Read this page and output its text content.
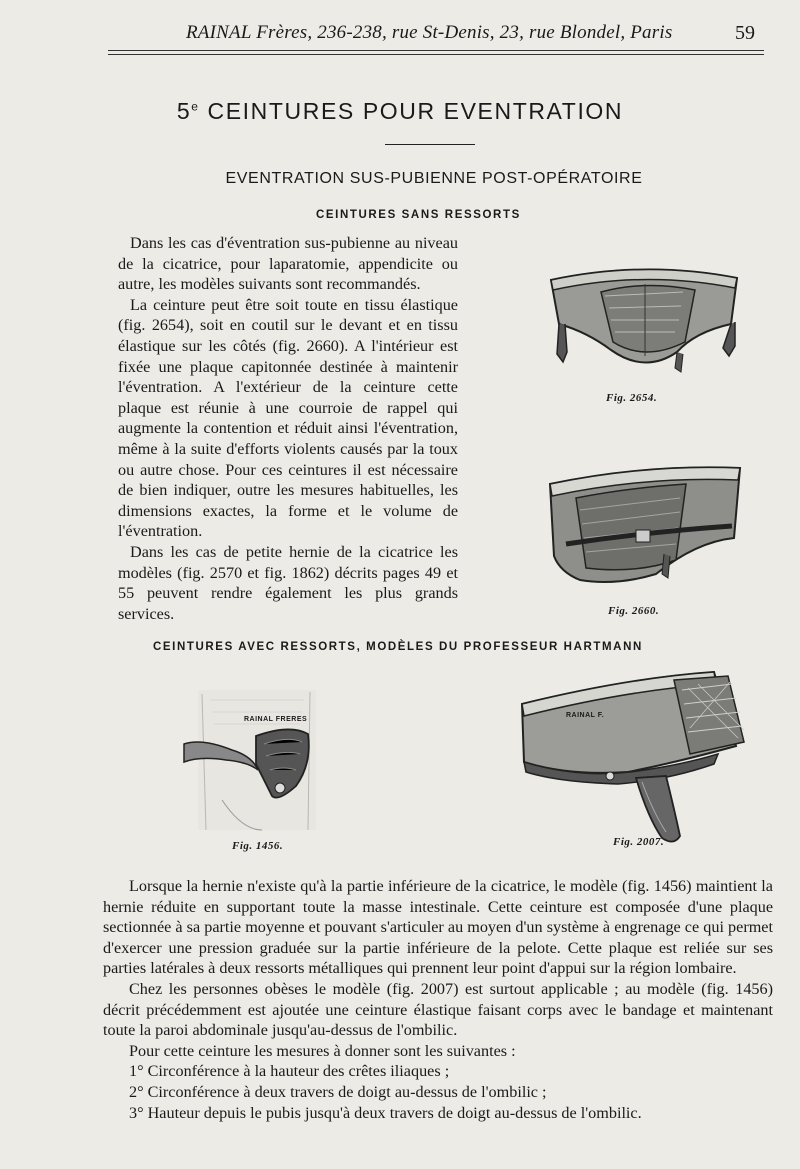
RAINAL Frères, 236-238, rue St-Denis, 23, rue Blondel, Paris	59
5e CEINTURES POUR EVENTRATION
EVENTRATION SUS-PUBIENNE POST-OPÉRATOIRE
CEINTURES SANS RESSORTS

Dans les cas d'éventration sus-pubienne au niveau de la cicatrice, pour laparatomie, appendicite ou autre, les modèles suivants sont recommandés.

La ceinture peut être soit toute en tissu élastique (fig. 2654), soit en coutil sur le devant et en tissu élastique sur les côtés (fig. 2660). A l'intérieur est fixée une plaque capitonnée destinée à maintenir l'éventration. A l'extérieur de la ceinture cette plaque est réunie à une courroie de rappel qui augmente la contention et réduit ainsi l'éventration, même à la suite d'efforts violents causés par la toux ou autre chose. Pour ces ceintures il est nécessaire de bien indiquer, outre les mesures habituelles, les dimensions exactes, la forme et le volume de l'éventration.

Dans les cas de petite hernie de la cicatrice les modèles (fig. 2570 et fig. 1862) décrits pages 49 et 55 peuvent rendre également les plus grands services.

Fig. 2654.
Fig. 2660.
CEINTURES AVEC RESSORTS, MODÈLES DU PROFESSEUR HARTMANN
RAINAL FRERES
Fig. 1456.
RAINAL F.
Fig. 2007.

Lorsque la hernie n'existe qu'à la partie inférieure de la cicatrice, le modèle (fig. 1456) maintient la hernie réduite en supportant toute la masse intestinale. Cette ceinture est composée d'une plaque sectionnée à sa partie moyenne et pouvant s'articuler au moyen d'un système à engrenage ce qui permet d'exercer une pression graduée sur la partie inférieure de la pelote. Cette plaque est reliée sur ses parties latérales à deux ressorts métalliques qui prennent leur point d'appui sur la région lombaire.

Chez les personnes obèses le modèle (fig. 2007) est surtout applicable ; au modèle (fig. 1456) décrit précédemment est ajoutée une ceinture élastique faisant corps avec le bandage et maintenant toute la paroi abdominale jusqu'au-dessus de l'ombilic.

Pour cette ceinture les mesures à donner sont les suivantes :

1° Circonférence à la hauteur des crêtes iliaques ;
2° Circonférence à deux travers de doigt au-dessus de l'ombilic ;
3° Hauteur depuis le pubis jusqu'à deux travers de doigt au-dessus de l'ombilic.
